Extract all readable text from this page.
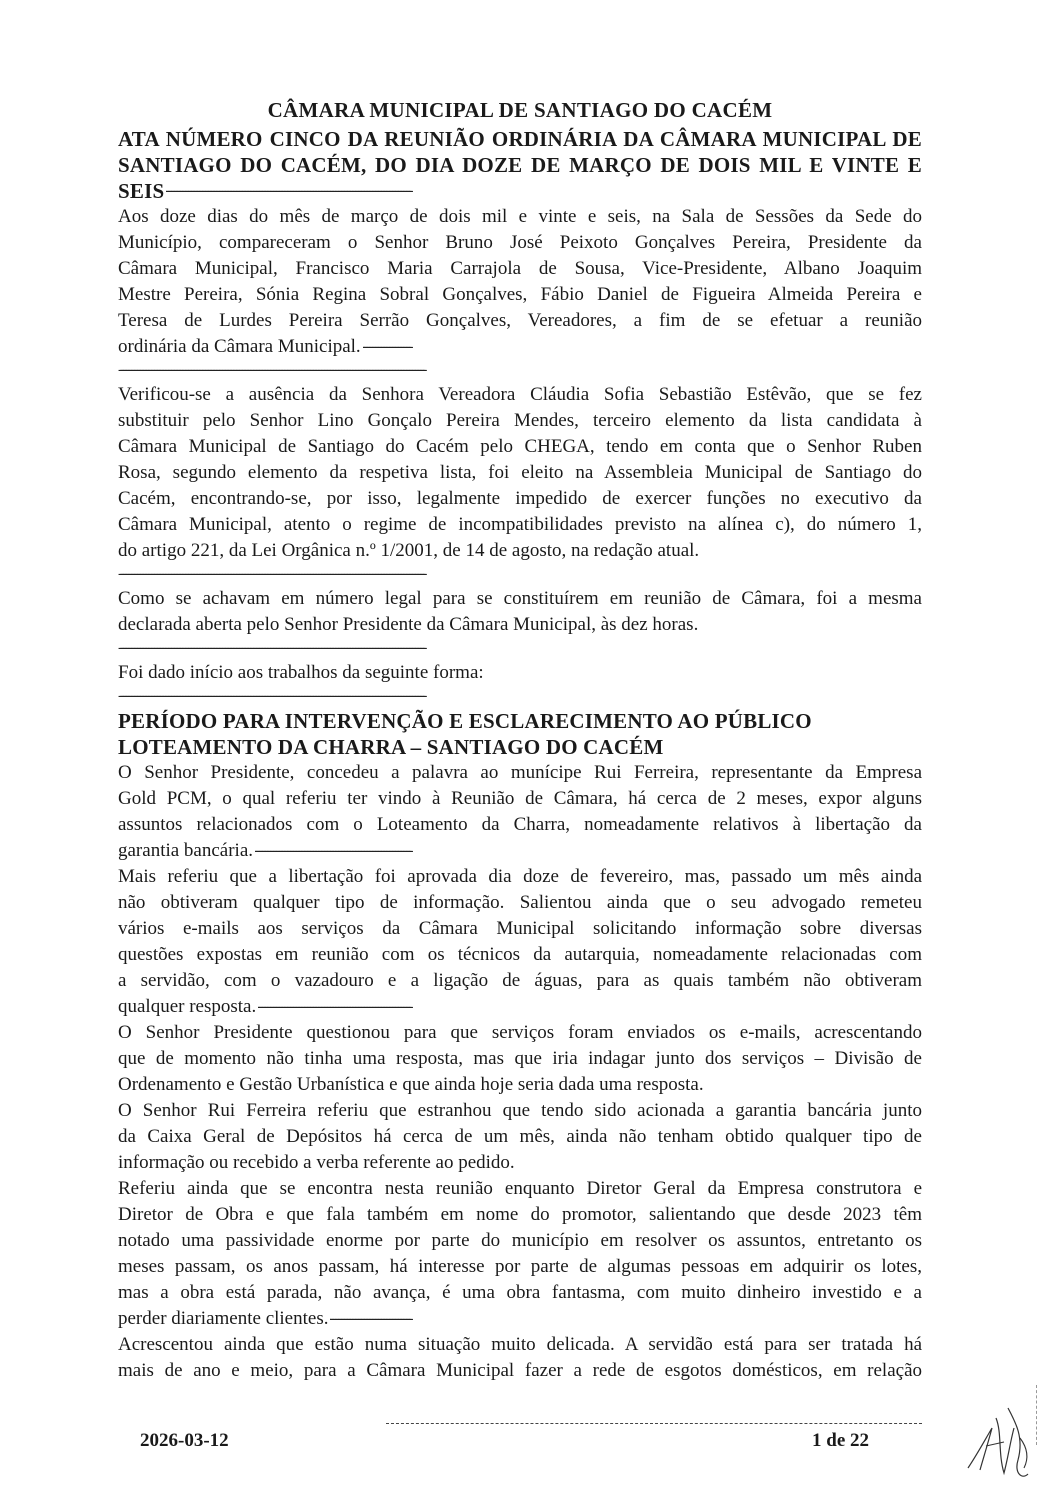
CÂMARA MUNICIPAL DE SANTIAGO DO CACÉM
ATA NÚMERO CINCO DA REUNIÃO ORDINÁRIA DA CÂMARA MUNICIPAL DE
SANTIAGO DO CACÉM, DO DIA DOZE DE MARÇO DE DOIS MIL E VINTE E
SEIS - - -
Aos doze dias do mês de março de dois mil e vinte e seis, na Sala de Sessões da Sede do
Município, compareceram o Senhor Bruno José Peixoto Gonçalves Pereira, Presidente da
Câmara Municipal, Francisco Maria Carrajola de Sousa, Vice-Presidente, Albano Joaquim
Mestre Pereira, Sónia Regina Sobral Gonçalves, Fábio Daniel de Figueira Almeida Pereira e
Teresa de Lurdes Pereira Serrão Gonçalves, Vereadores, a fim de se efetuar a reunião
ordinária da Câmara Municipal. - - -
- - -
Verificou-se a ausência da Senhora Vereadora Cláudia Sofia Sebastião Estêvão, que se fez
substituir pelo Senhor Lino Gonçalo Pereira Mendes, terceiro elemento da lista candidata à
Câmara Municipal de Santiago do Cacém pelo CHEGA, tendo em conta que o Senhor Ruben
Rosa, segundo elemento da respetiva lista, foi eleito na Assembleia Municipal de Santiago do
Cacém, encontrando-se, por isso, legalmente impedido de exercer funções no executivo da
Câmara Municipal, atento o regime de incompatibilidades previsto na alínea c), do número 1,
do artigo 221, da Lei Orgânica n.º 1/2001, de 14 de agosto, na redação atual. - - -
- - -
Como se achavam em número legal para se constituírem em reunião de Câmara, foi a mesma
declarada aberta pelo Senhor Presidente da Câmara Municipal, às dez horas. - - -
- - -
Foi dado início aos trabalhos da seguinte forma: - - -
- - -
PERÍODO PARA INTERVENÇÃO E ESCLARECIMENTO AO PÚBLICO - - -
LOTEAMENTO DA CHARRA – SANTIAGO DO CACÉM - - -
O Senhor Presidente, concedeu a palavra ao munícipe Rui Ferreira, representante da Empresa
Gold PCM, o qual referiu ter vindo à Reunião de Câmara, há cerca de 2 meses, expor alguns
assuntos relacionados com o Loteamento da Charra, nomeadamente relativos à libertação da
garantia bancária. - - -
Mais referiu que a libertação foi aprovada dia doze de fevereiro, mas, passado um mês ainda
não obtiveram qualquer tipo de informação. Salientou ainda que o seu advogado remeteu
vários e-mails aos serviços da Câmara Municipal solicitando informação sobre diversas
questões expostas em reunião com os técnicos da autarquia, nomeadamente relacionadas com
a servidão, com o vazadouro e a ligação de águas, para as quais também não obtiveram
qualquer resposta. - - -
O Senhor Presidente questionou para que serviços foram enviados os e-mails, acrescentando
que de momento não tinha uma resposta, mas que iria indagar junto dos serviços – Divisão de
Ordenamento e Gestão Urbanística e que ainda hoje seria dada uma resposta. - - -
O Senhor Rui Ferreira referiu que estranhou que tendo sido acionada a garantia bancária junto
da Caixa Geral de Depósitos há cerca de um mês, ainda não tenham obtido qualquer tipo de
informação ou recebido a verba referente ao pedido. - - -
Referiu ainda que se encontra nesta reunião enquanto Diretor Geral da Empresa construtora e
Diretor de Obra e que fala também em nome do promotor, salientando que desde 2023 têm
notado uma passividade enorme por parte do município em resolver os assuntos, entretanto os
meses passam, os anos passam, há interesse por parte de algumas pessoas em adquirir os lotes,
mas a obra está parada, não avança, é uma obra fantasma, com muito dinheiro investido e a
perder diariamente clientes. - - -
Acrescentou ainda que estão numa situação muito delicada. A servidão está para ser tratada há
mais de ano e meio, para a Câmara Municipal fazer a rede de esgotos domésticos, em relação
2026-03-12	1 de 22
